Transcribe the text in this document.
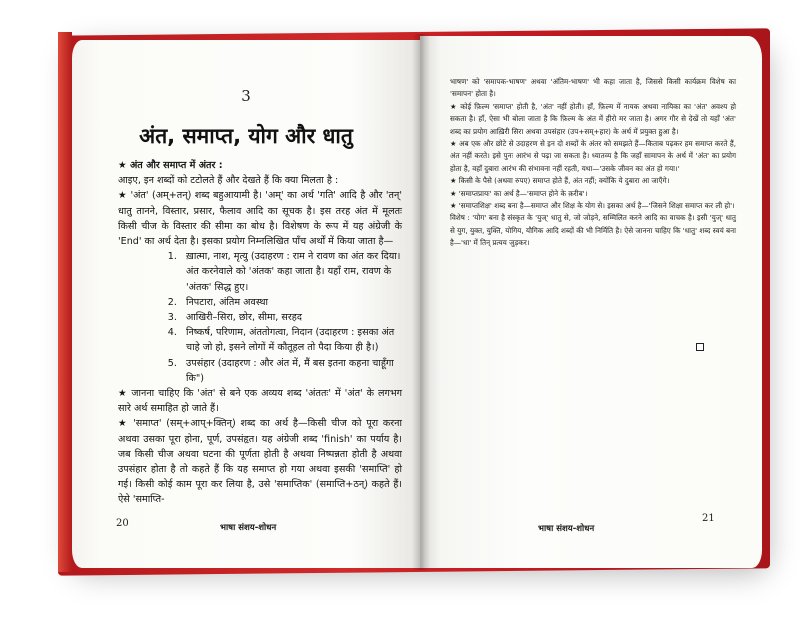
3
अंत, समाप्त, योग और धातु

★ अंत और समाप्त में अंतर :

आइए, इन शब्दों को टटोलते हैं और देखते हैं कि क्या मिलता है :

★ 'अंत' (अम्+तन्) शब्द बहुआयामी है। 'अम्' का अर्थ 'गति' आदि है और 'तन्' धातु तानने, विस्तार, प्रसार, फैलाव आदि का सूचक है। इस तरह अंत में मूलतः किसी चीज के विस्तार की सीमा का बोध है। विशेषण के रूप में यह अंग्रेजी के 'End' का अर्थ देता है। इसका प्रयोग निम्नलिखित पाँच अर्थों में किया जाता है—

1. ख़ात्मा, नाश, मृत्यु (उदाहरण : राम ने रावण का अंत कर दिया। अंत करनेवाले को 'अंतक' कहा जाता है। यहाँ राम, रावण के 'अंतक' सिद्ध हुए।
2. निपटारा, अंतिम अवस्था
3. आखिरी–सिरा, छोर, सीमा, सरहद
4. निष्कर्ष, परिणाम, अंततोगत्वा, निदान (उदाहरण : इसका अंत चाहे जो हो, इसने लोगों में कौतूहल तो पैदा किया ही है।)
5. उपसंहार (उदाहरण : और अंत में, मैं बस इतना कहना चाहूँगा कि")

★ जानना चाहिए कि 'अंत' से बने एक अव्यय शब्द 'अंततः' में 'अंत' के लगभग सारे अर्थ समाहित हो जाते हैं।

★ 'समाप्त' (सम्+आप्+क्तिन्) शब्द का अर्थ है—किसी चीज को पूरा करना अथवा उसका पूरा होना, पूर्ण, उपसंहृत। यह अंग्रेजी शब्द 'finish' का पर्याय है। जब किसी चीज अथवा घटना की पूर्णता होती है अथवा निष्पन्नता होती है अथवा उपसंहार होता है तो कहते हैं कि यह समाप्त हो गया अथवा इसकी 'समाप्ति' हो गई। किसी कोई काम पूरा कर लिया है, उसे 'समाप्तिक' (समाप्ति+ठन्) कहते हैं। ऐसे 'समाप्ति-

20	भाषा संशय-शोधन

भाषण' को 'समापक-भाषण' अथवा 'अंतिम-भाषण' भी कहा जाता है, जिससे किसी कार्यक्रम विशेष का 'समापन' होता है।

★ कोई फ़िल्म 'समाप्त' होती है, 'अंत' नहीं होती। हाँ, फ़िल्म में नायक अथवा नायिका का 'अंत' अवश्य हो सकता है। हाँ, ऐसा भी बोला जाता है कि फ़िल्म के अंत में हीरो मर जाता है। अगर गौर से देखें तो यहाँ 'अंत' शब्द का प्रयोग आख़िरी सिरा अथवा उपसंहार (उप+सम्+हार) के अर्थ में प्रयुक्त हुआ है।

★ अब एक और छोटे से उदाहरण से इन दो शब्दों के अंतर को समझते हैं—किताब पढ़कर हम समाप्त करते हैं, अंत नहीं करते। इसे पुनः आरंभ से पढ़ा जा सकता है। ध्यातव्य है कि जहाँ सामापन के अर्थ में 'अंत' का प्रयोग होता है, वहाँ दुबारा आरंभ की संभावना नहीं रहती, यथा—'उसके जीवन का अंत हो गया।'

★ किसी के पैसे (अथवा रुपए) समाप्त होते हैं, अंत नहीं; क्योंकि ये दुबारा आ जाएँगे।

★ 'समाप्तप्रायः' का अर्थ है—'समाप्त होने के क़रीब'।

★ 'समाप्तशिक्ष' शब्द बना है—समाप्त और शिक्ष के योग से। इसका अर्थ है—'जिसने शिक्षा समाप्त कर ली हो'।

विशेष : 'योग' बना है संस्कृत के 'युज्' धातु से, जो जोड़ने, सम्मिलित करने आदि का वाचक है। इसी 'युज्' धातु से युग, युक्त, युक्ति, योगिय, यौगिक आदि शब्दों की भी निर्मिति है। ऐसे जानना चाहिए कि 'धातु' शब्द स्वयं बना है—'धा' में तिन् प्रत्यय जुड़कर।

भाषा संशय-शोधन
21
